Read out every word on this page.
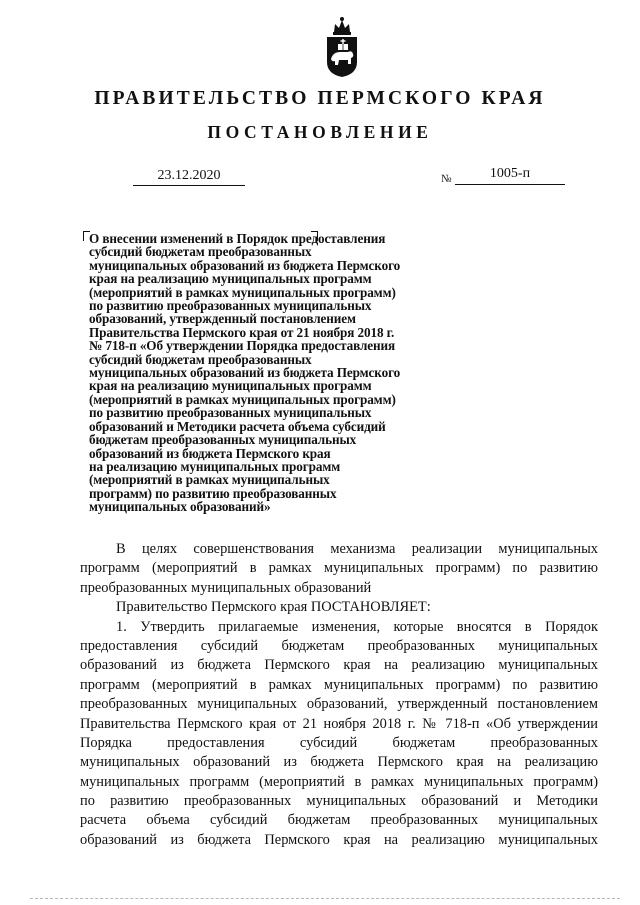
ПРАВИТЕЛЬСТВО ПЕРМСКОГО КРАЯ
ПОСТАНОВЛЕНИЕ
23.12.2020	№	1005-п
О внесении изменений в Порядок предоставления
субсидий бюджетам преобразованных
муниципальных образований из бюджета Пермского
края на реализацию муниципальных программ
(мероприятий в рамках муниципальных программ)
по развитию преобразованных муниципальных
образований, утвержденный постановлением
Правительства Пермского края от 21 ноября 2018 г.
№ 718-п «Об утверждении Порядка предоставления
субсидий бюджетам преобразованных
муниципальных образований из бюджета Пермского
края на реализацию муниципальных программ
(мероприятий в рамках муниципальных программ)
по развитию преобразованных муниципальных
образований и Методики расчета объема субсидий
бюджетам преобразованных муниципальных
образований из бюджета Пермского края
на реализацию муниципальных программ
(мероприятий в рамках муниципальных
программ) по развитию преобразованных
муниципальных образований»
В целях совершенствования механизма реализации муниципальных
программ (мероприятий в рамках муниципальных программ) по развитию
преобразованных муниципальных образований
Правительство Пермского края ПОСТАНОВЛЯЕТ:
1. Утвердить прилагаемые изменения, которые вносятся в Порядок
предоставления субсидий бюджетам преобразованных муниципальных
образований из бюджета Пермского края на реализацию муниципальных
программ (мероприятий в рамках муниципальных программ) по развитию
преобразованных муниципальных образований, утвержденный постановлением
Правительства Пермского края от 21 ноября 2018 г. № 718-п «Об утверждении
Порядка предоставления субсидий бюджетам преобразованных
муниципальных образований из бюджета Пермского края на реализацию
муниципальных программ (мероприятий в рамках муниципальных программ)
по развитию преобразованных муниципальных образований и Методики
расчета объема субсидий бюджетам преобразованных муниципальных
образований из бюджета Пермского края на реализацию муниципальных
